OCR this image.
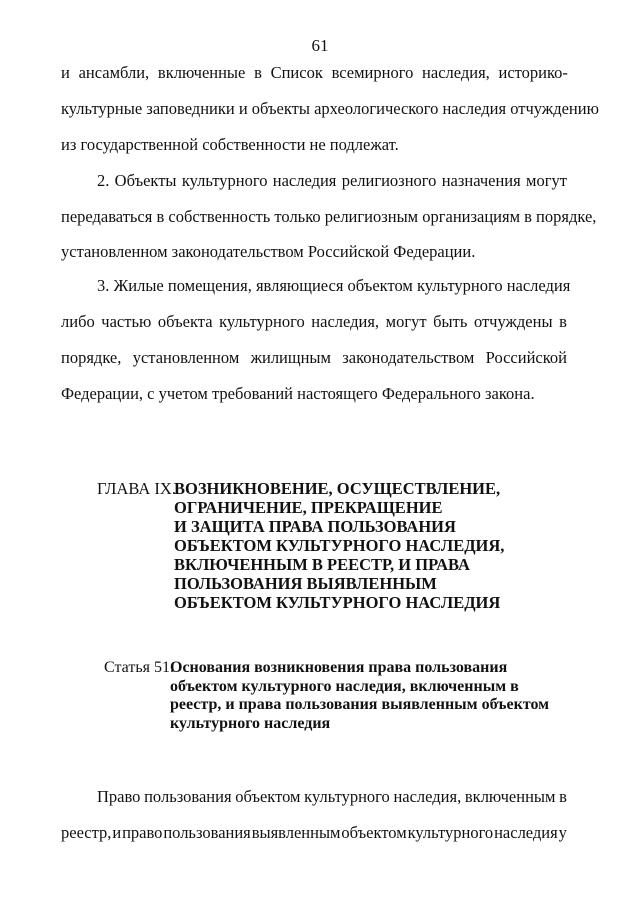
61
и ансамбли, включенные в Список всемирного наследия, историко-
культурные заповедники и объекты археологического наследия отчуждению
из государственной собственности не подлежат.
2. Объекты культурного наследия религиозного назначения могут
передаваться в собственность только религиозным организациям в порядке,
установленном законодательством Российской Федерации.
3. Жилые помещения, являющиеся объектом культурного наследия
либо частью объекта культурного наследия, могут быть отчуждены в
порядке, установленном жилищным законодательством Российской
Федерации, с учетом требований настоящего Федерального закона.
ГЛАВА IX.
ВОЗНИКНОВЕНИЕ, ОСУЩЕСТВЛЕНИЕ,
ОГРАНИЧЕНИЕ, ПРЕКРАЩЕНИЕ
И ЗАЩИТА ПРАВА ПОЛЬЗОВАНИЯ
ОБЪЕКТОМ КУЛЬТУРНОГО НАСЛЕДИЯ,
ВКЛЮЧЕННЫМ В РЕЕСТР, И ПРАВА
ПОЛЬЗОВАНИЯ ВЫЯВЛЕННЫМ
ОБЪЕКТОМ КУЛЬТУРНОГО НАСЛЕДИЯ
Статья 51.
Основания возникновения права пользования
объектом культурного наследия, включенным в
реестр, и права пользования выявленным объектом
культурного наследия
Право пользования объектом культурного наследия, включенным в
реестр, и право пользования выявленным объектом культурного наследия у
